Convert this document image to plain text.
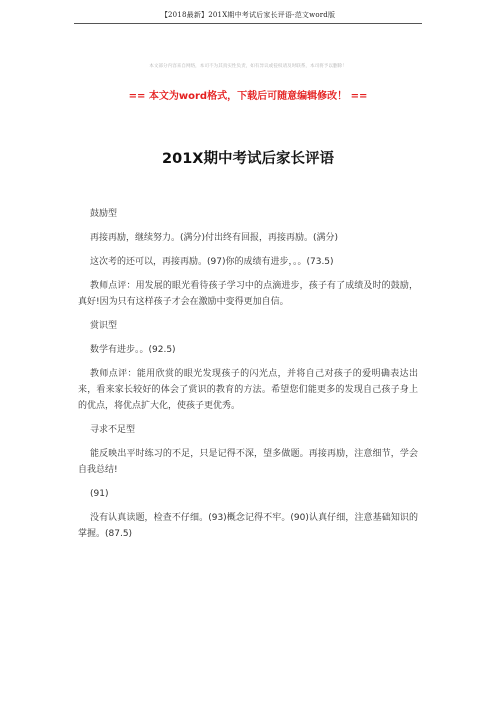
【2018最新】201X期中考试后家长评语-范文word版
本文部分内容来自网络，本司不为其真实性负责，如有异议或侵权请及时联系，本司将予以删除！
== 本文为word格式，下载后可随意编辑修改！ ==
201X期中考试后家长评语

鼓励型

再接再励，继续努力。(满分)付出终有回报，再接再励。(满分)

这次考的还可以，再接再励。(97)你的成绩有进步，。。(73.5)

教师点评：用发展的眼光看待孩子学习中的点滴进步，孩子有了成绩及时的鼓励，真好!因为只有这样孩子才会在激励中变得更加自信。

赏识型

数学有进步。。(92.5)

教师点评：能用欣赏的眼光发现孩子的闪光点，并将自己对孩子的爱明确表达出来，看来家长较好的体会了赏识的教育的方法。希望您们能更多的发现自己孩子身上的优点，将优点扩大化，使孩子更优秀。

寻求不足型

能反映出平时练习的不足，只是记得不深，望多做题。再接再励，注意细节，学会自我总结!

(91)

没有认真读题，检查不仔细。(93)概念记得不牢。(90)认真仔细，注意基础知识的掌握。(87.5)
